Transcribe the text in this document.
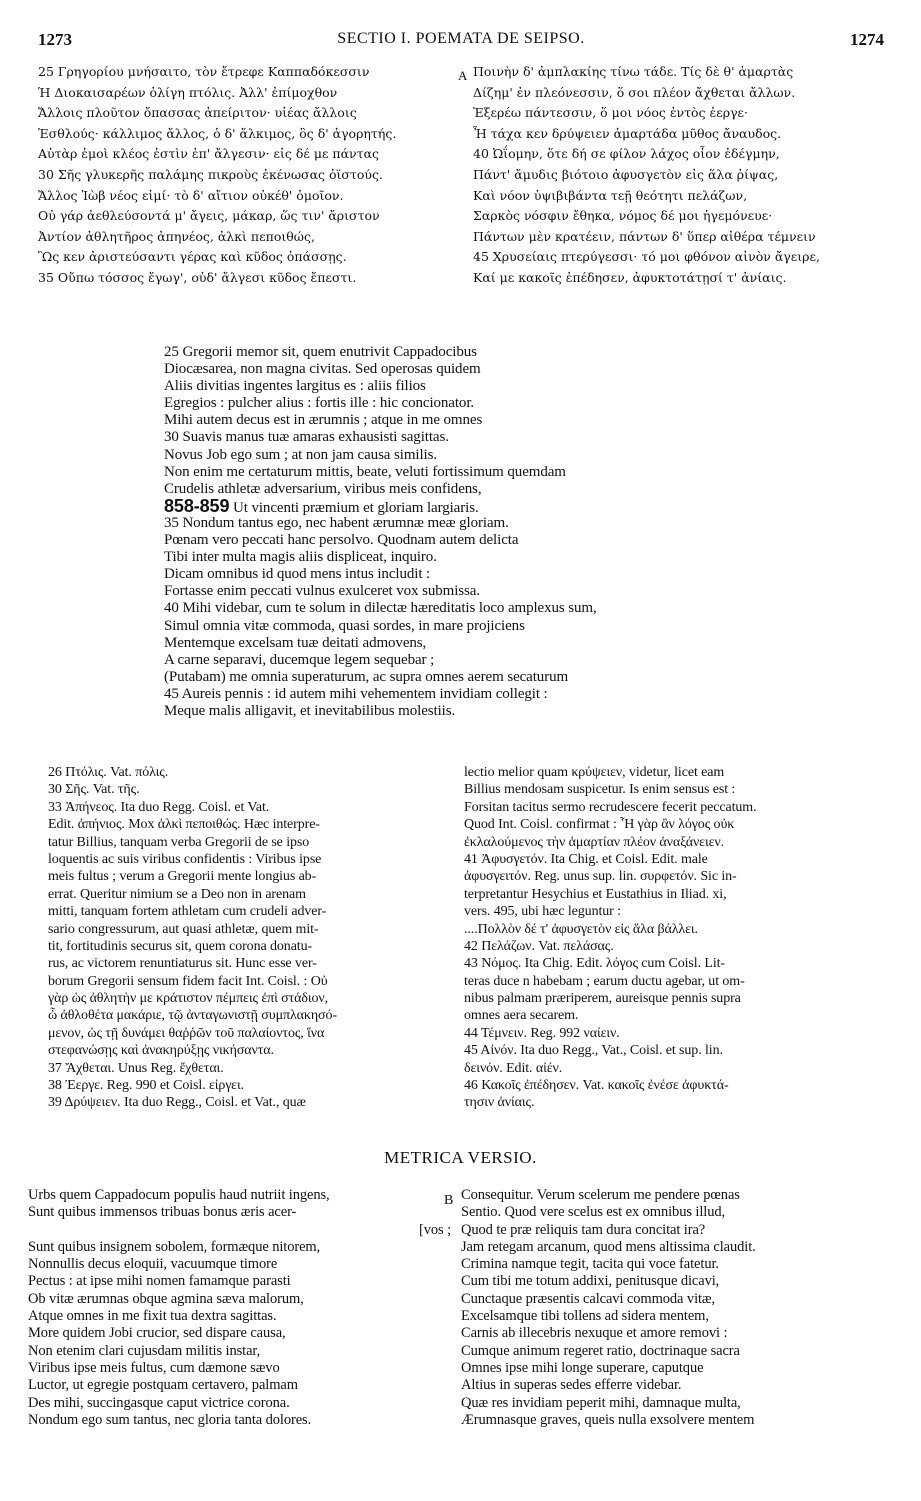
1273	SECTIO I. POEMATA DE SEIPSO.	1274
25 Γρηγορίου μνήσαιτο, τὸν ἔτρεφε Καππαδόκεσσιν
Ἡ Διοκαισαρέων ὀλίγη πτόλις. Ἀλλ' ἐπίμοχθον
Ἄλλοις πλοῦτον ὄπασσας ἀπείριτον· υἱέας ἄλλοις
Ἐσθλούς· κάλλιμος ἄλλος, ὁ δ' ἄλκιμος, ὃς δ' ἀγορητής.
Αὐτὰρ ἐμοὶ κλέος ἐστὶν ἐπ' ἄλγεσιν· εἰς δέ με πάντας
30 Σῆς γλυκερῆς παλάμης πικροὺς ἐκένωσας ὀϊστούς.
Ἄλλος Ἰὼβ νέος εἰμί· τὸ δ' αἴτιον οὐκέθ' ὁμοῖον.
Οὐ γάρ ἀεθλεύσοντά μ' ἄγεις, μάκαρ, ὥς τιν' ἄριστον
Ἀντίον ἀθλητῆρος ἀπηνέος, ἀλκὶ πεποιθώς,
Ὣς κεν ἀριστεύσαντι γέρας καὶ κῦδος ὀπάσσῃς.
35 Οὔπω τόσσος ἔγωγ', οὐδ' ἄλγεσι κῦδος ἔπεστι.
A Ποινὴν δ' ἀμπλακίης τίνω τάδε. Τίς δὲ θ' ἁμαρτὰς
Δίζημ' ἐν πλεόνεσσιν, ὅ σοι πλέον ἄχθεται ἄλλων.
Ἐξερέω πάντεσσιν, ὅ μοι νόος ἐντὸς ἐεργε·
Ἦ τάχα κεν δρύψειεν ἁμαρτάδα μῦθος ἄναυδος.
40 Ὠΐομην, ὅτε δή σε φίλον λάχος οἶον ἐδέγμην,
Πάντ' ἄμυδις βιότοιο ἀφυσγετὸν εἰς ἅλα ῥίψας,
Καὶ νόον ὑψιβιβάντα τεῇ θεότητι πελάζων,
Σαρκὸς νόσφιν ἔθηκα, νόμος δέ μοι ἡγεμόνευε·
Πάντων μὲν κρατέειν, πάντων δ' ὕπερ αἰθέρα τέμνειν
45 Χρυσείαις πτερύγεσσι· τό μοι φθόνον αἰνὸν ἄγειρε,
Καί με κακοῖς ἐπέδησεν, ἀφυκτοτάτῃσί τ' ἀνίαις.
25 Gregorii memor sit, quem enutrivit Cappadocibus
Diocæsarea, non magna civitas. Sed operosas quidem
Aliis divitias ingentes largitus es : aliis filios
Egregios : pulcher alius : fortis ille : hic concionator.
Mihi autem decus est in ærumnis ; atque in me omnes
30 Suavis manus tuæ amaras exhausisti sagittas.
Novus Job ego sum ; at non jam causa similis.
Non enim me certaturum mittis, beate, veluti fortissimum quemdam
Crudelis athletæ adversarium, viribus meis confidens,
858-859 Ut vincenti præmium et gloriam largiaris.
35 Nondum tantus ego, nec habent ærumnæ meæ gloriam.
Pœnam vero peccati hanc persolvo. Quodnam autem delicta
Tibi inter multa magis aliis displiceat, inquiro.
Dicam omnibus id quod mens intus includit :
Fortasse enim peccati vulnus exulceret vox submissa.
40 Mihi videbar, cum te solum in dilectæ hæreditatis loco amplexus sum,
Simul omnia vitæ commoda, quasi sordes, in mare projiciens
Mentemque excelsam tuæ deitati admovens,
A carne separavi, ducemque legem sequebar ;
(Putabam) me omnia superaturum, ac supra omnes aerem secaturum
45 Aureis pennis : id autem mihi vehementem invidiam collegit :
Meque malis alligavit, et inevitabilibus molestiis.
26 Πτόλις. Vat. πόλις.
30 Σῆς. Vat. τῆς.
33 Ἀπήνεος. Ita duo Regg. Coisl. et Vat.
Edit. ἀπήνιος. Mox ἀλκὶ πεποιθώς. Hæc interpre-
tatur Billius, tanquam verba Gregorii de se ipso
loquentis ac suis viribus confidentis : Viribus ipse
meis fultus ; verum a Gregorii mente longius ab-
errat. Queritur nimium se a Deo non in arenam
mitti, tanquam fortem athletam cum crudeli adver-
sario congressurum, aut quasi athletæ, quem mit-
tit, fortitudinis securus sit, quem corona donatu-
rus, ac victorem renuntiaturus sit. Hunc esse ver-
borum Gregorii sensum fidem facit Int. Coisl. : Οὐ
γὰρ ὡς ἀθλητὴν με κράτιστον πέμπεις ἐπὶ στάδιον,
ὦ ἀθλοθέτα μακάριε, τῷ ἀνταγωνιστῇ συμπλακησό-
μενον, ὡς τῇ δυνάμει θαῤῥῶν τοῦ παλαίοντος, ἵνα
στεφανώσῃς καὶ ἀνακηρύξῃς νικήσαντα.
37 Ἄχθεται. Unus Reg. ἔχθεται.
38 Ἐεργε. Reg. 990 et Coisl. εἰργει.
39 Δρύψειεν. Ita duo Regg., Coisl. et Vat., quæ
lectio melior quam κρύψειεν, videtur, licet eam
Billius mendosam suspicetur. Is enim sensus est :
Forsitan tacitus sermo recrudescere fecerit peccatum.
Quod Int. Coisl. confirmat : Ἦ γὰρ ἂν λόγος οὐκ
ἐκλαλούμενος τὴν ἁμαρτίαν πλέον ἀναξάνειεν.
41 Ἀφυσγετόν. Ita Chig. et Coisl. Edit. male
ἀφυσγειτόν. Reg. unus sup. lin. συρφετόν. Sic in-
terpretantur Hesychius et Eustathius in Iliad. xi,
vers. 495, ubi hæc leguntur :
....Πολλὸν δέ τ' ἀφυσγετὸν εἰς ἅλα βάλλει.
42 Πελάζων. Vat. πελάσας.
43 Νόμος. Ita Chig. Edit. λόγος cum Coisl. Lit-
teras duce n habebam ; earum ductu agebar, ut om-
nibus palmam præriperem, aureisque pennis supra
omnes aera secarem.
44 Τέμνειν. Reg. 992 ναίειν.
45 Αἰνόν. Ita duo Regg., Vat., Coisl. et sup. lin.
δεινόν. Edit. αἰέν.
46 Κακοῖς ἐπέδησεν. Vat. κακοῖς ἐνέσε ἀφυκτά-
τησιν ἀνίαις.
METRICA VERSIO.
Urbs quem Cappadocum populis haud nutriit ingens,
Sunt quibus immensos tribuas bonus æris acer-
[vos ;
Sunt quibus insignem sobolem, formæque nitorem,
Nonnullis decus eloquii, vacuumque timore
Pectus : at ipse mihi nomen famamque parasti
Ob vitæ ærumnas obque agmina sæva malorum,
Atque omnes in me fixit tua dextra sagittas.
More quidem Jobi crucior, sed dispare causa,
Non etenim clari cujusdam militis instar,
Viribus ipse meis fultus, cum dæmone sævo
Luctor, ut egregie postquam certavero, palmam
Des mihi, succingasque caput victrice corona.
Nondum ego sum tantus, nec gloria tanta dolores.
B Consequitur. Verum scelerum me pendere pœnas
Sentio. Quod vere scelus est ex omnibus illud,
Quod te præ reliquis tam dura concitat ira?
Jam retegam arcanum, quod mens altissima claudit.
Crimina namque tegit, tacita qui voce fatetur.
Cum tibi me totum addixi, penitusque dicavi,
Cunctaque præsentis calcavi commoda vitæ,
Excelsamque tibi tollens ad sidera mentem,
Carnis ab illecebris nexuque et amore removi :
Cumque animum regeret ratio, doctrinaque sacra
Omnes ipse mihi longe superare, caputque
Altius in superas sedes efferre videbar.
Quæ res invidiam peperit mihi, damnaque multa,
Ærumnasque graves, queis nulla exsolvere mentem
